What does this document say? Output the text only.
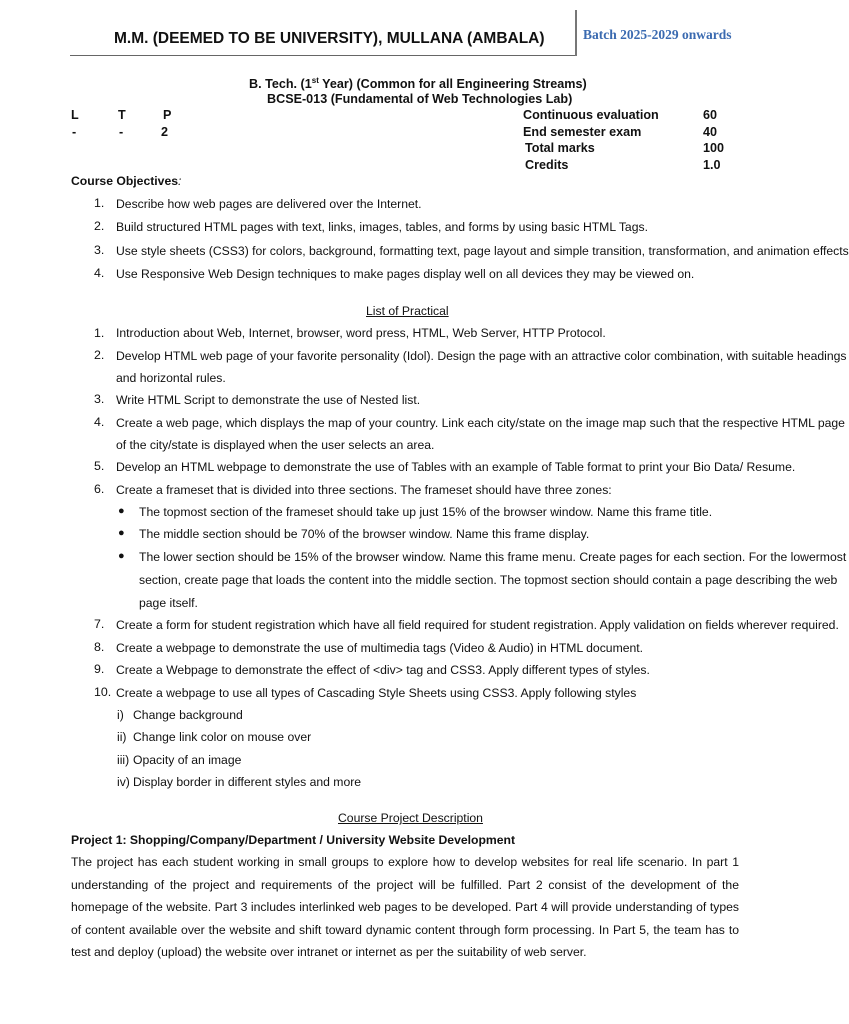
M.M. (DEEMED TO BE UNIVERSITY), MULLANA (AMBALA)	Batch 2025-2029 onwards
B. Tech. (1st Year) (Common for all Engineering Streams)
BCSE-013 (Fundamental of Web Technologies Lab)
L	T	P
-	-	2
Continuous evaluation	60
End semester exam	40
Total marks	100
Credits	1.0
Course Objectives:
1. Describe how web pages are delivered over the Internet.
2. Build structured HTML pages with text, links, images, tables, and forms by using basic HTML Tags.
3. Use style sheets (CSS3) for colors, background, formatting text, page layout and simple transition, transformation, and animation effects
4. Use Responsive Web Design techniques to make pages display well on all devices they may be viewed on.
List of Practical
1. Introduction about Web, Internet, browser, word press, HTML, Web Server, HTTP Protocol.
2. Develop HTML web page of your favorite personality (Idol). Design the page with an attractive color combination, with suitable headings
and horizontal rules.
3. Write HTML Script to demonstrate the use of Nested list.
4. Create a web page, which displays the map of your country. Link each city/state on the image map such that the respective HTML page
of the city/state is displayed when the user selects an area.
5. Develop an HTML webpage to demonstrate the use of Tables with an example of Table format to print your Bio Data/ Resume.
6. Create a frameset that is divided into three sections. The frameset should have three zones:
● The topmost section of the frameset should take up just 15% of the browser window. Name this frame title.
● The middle section should be 70% of the browser window. Name this frame display.
● The lower section should be 15% of the browser window. Name this frame menu. Create pages for each section. For the lowermost
section, create page that loads the content into the middle section. The topmost section should contain a page describing the web
page itself.
7. Create a form for student registration which have all field required for student registration. Apply validation on fields wherever required.
8. Create a webpage to demonstrate the use of multimedia tags (Video & Audio) in HTML document.
9. Create a Webpage to demonstrate the effect of <div> tag and CSS3. Apply different types of styles.
10. Create a webpage to use all types of Cascading Style Sheets using CSS3. Apply following styles
i) Change background
ii) Change link color on mouse over
iii) Opacity of an image
iv) Display border in different styles and more
Course Project Description
Project 1: Shopping/Company/Department / University Website Development
The project has each student working in small groups to explore how to develop websites for real life scenario. In part 1 understanding of the project and requirements of the project will be fulfilled. Part 2 consist of the development of the homepage of the website. Part 3 includes interlinked web pages to be developed. Part 4 will provide understanding of types of content available over the website and shift toward dynamic content through form processing. In Part 5, the team has to test and deploy (upload) the website over intranet or internet as per the suitability of web server.
